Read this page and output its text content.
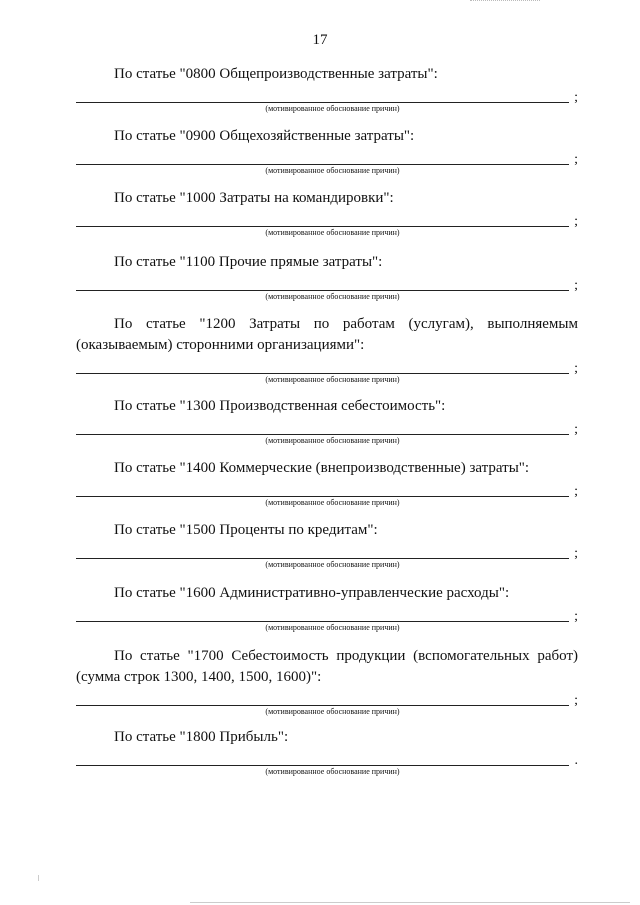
17

По статье "0800 Общепроизводственные затраты":

;
(мотивированное обоснование причин)

По статье "0900 Общехозяйственные затраты":

;
(мотивированное обоснование причин)

По статье "1000 Затраты на командировки":

;
(мотивированное обоснование причин)

По статье "1100 Прочие прямые затраты":

;
(мотивированное обоснование причин)

По статье "1200 Затраты по работам (услугам), выполняемым (оказываемым) сторонними организациями":

;
(мотивированное обоснование причин)

По статье "1300 Производственная себестоимость":

;
(мотивированное обоснование причин)

По статье "1400 Коммерческие (внепроизводственные) затраты":

;
(мотивированное обоснование причин)

По статье "1500 Проценты по кредитам":

;
(мотивированное обоснование причин)

По статье "1600 Административно-управленческие расходы":

;
(мотивированное обоснование причин)

По статье "1700 Себестоимость продукции (вспомогательных работ) (сумма строк 1300, 1400, 1500, 1600)":

;
(мотивированное обоснование причин)

По статье "1800 Прибыль":

.
(мотивированное обоснование причин)
